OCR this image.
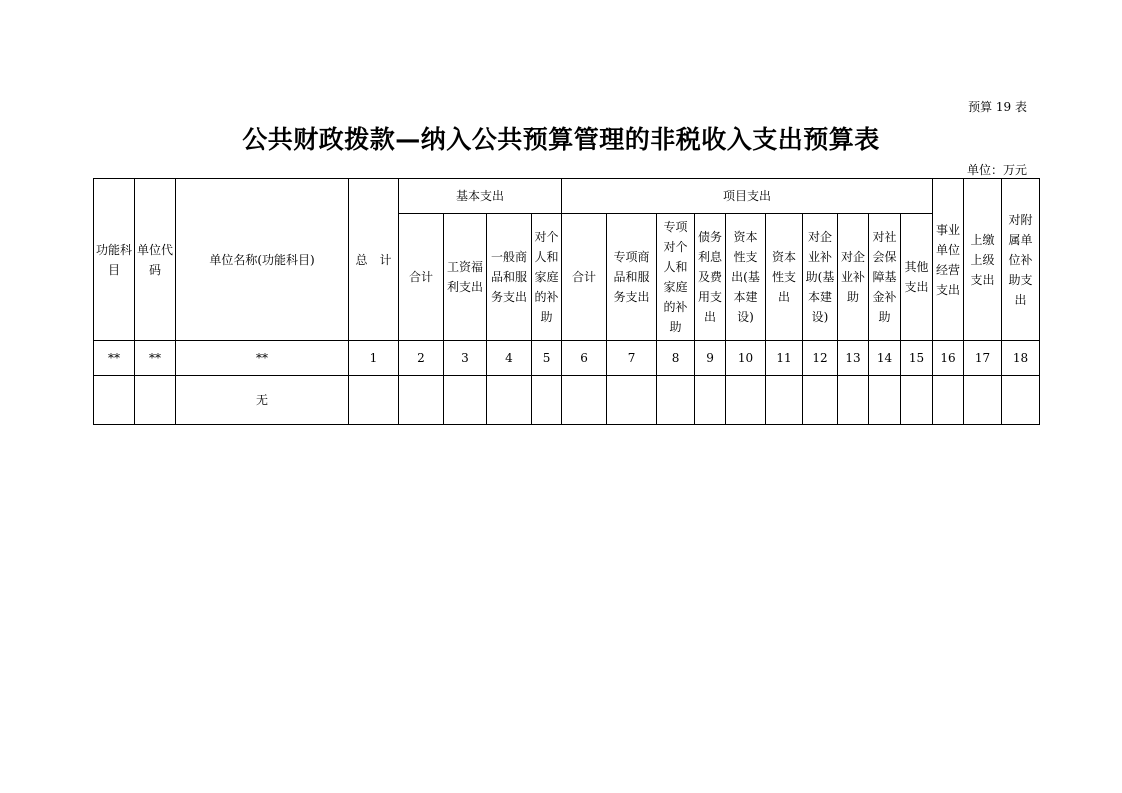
预算 19 表
公共财政拨款—纳入公共预算管理的非税收入支出预算表
单位：万元
功能科目	单位代码	单位名称(功能科目)	总　计	基本支出				项目支出										事业单位经营支出	上缴上级支出	对附属单位补助支出
				合计	工资福利支出	一般商品和服务支出	对个人和家庭的补助	合计	专项商品和服务支出	专项对个人和家庭的补助	债务利息及费用支出	资本性支出(基本建设)	资本性支出	对企业补助(基本建设)	对企业补助	对社会保障基金补助	其他支出			
**	**	**	1	2	3	4	5	6	7	8	9	10	11	12	13	14	15	16	17	18
		无																		
